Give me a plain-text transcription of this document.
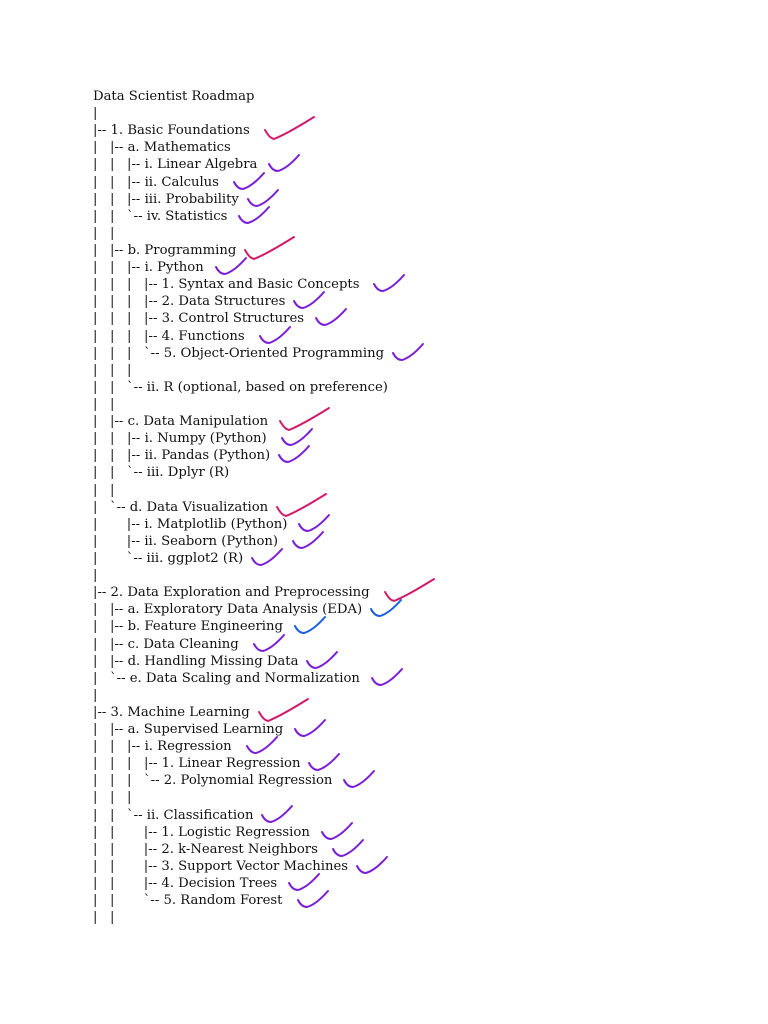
Data Scientist Roadmap
|
|-- 1. Basic Foundations
|   |-- a. Mathematics
|   |   |-- i. Linear Algebra
|   |   |-- ii. Calculus
|   |   |-- iii. Probability
|   |   `-- iv. Statistics
|   |
|   |-- b. Programming
|   |   |-- i. Python
|   |   |   |-- 1. Syntax and Basic Concepts
|   |   |   |-- 2. Data Structures
|   |   |   |-- 3. Control Structures
|   |   |   |-- 4. Functions
|   |   |   `-- 5. Object-Oriented Programming
|   |   |
|   |   `-- ii. R (optional, based on preference)
|   |
|   |-- c. Data Manipulation
|   |   |-- i. Numpy (Python)
|   |   |-- ii. Pandas (Python)
|   |   `-- iii. Dplyr (R)
|   |
|   `-- d. Data Visualization
|       |-- i. Matplotlib (Python)
|       |-- ii. Seaborn (Python)
|       `-- iii. ggplot2 (R)
|
|-- 2. Data Exploration and Preprocessing
|   |-- a. Exploratory Data Analysis (EDA)
|   |-- b. Feature Engineering
|   |-- c. Data Cleaning
|   |-- d. Handling Missing Data
|   `-- e. Data Scaling and Normalization
|
|-- 3. Machine Learning
|   |-- a. Supervised Learning
|   |   |-- i. Regression
|   |   |   |-- 1. Linear Regression
|   |   |   `-- 2. Polynomial Regression
|   |   |
|   |   `-- ii. Classification
|   |       |-- 1. Logistic Regression
|   |       |-- 2. k-Nearest Neighbors
|   |       |-- 3. Support Vector Machines
|   |       |-- 4. Decision Trees
|   |       `-- 5. Random Forest
|   |
